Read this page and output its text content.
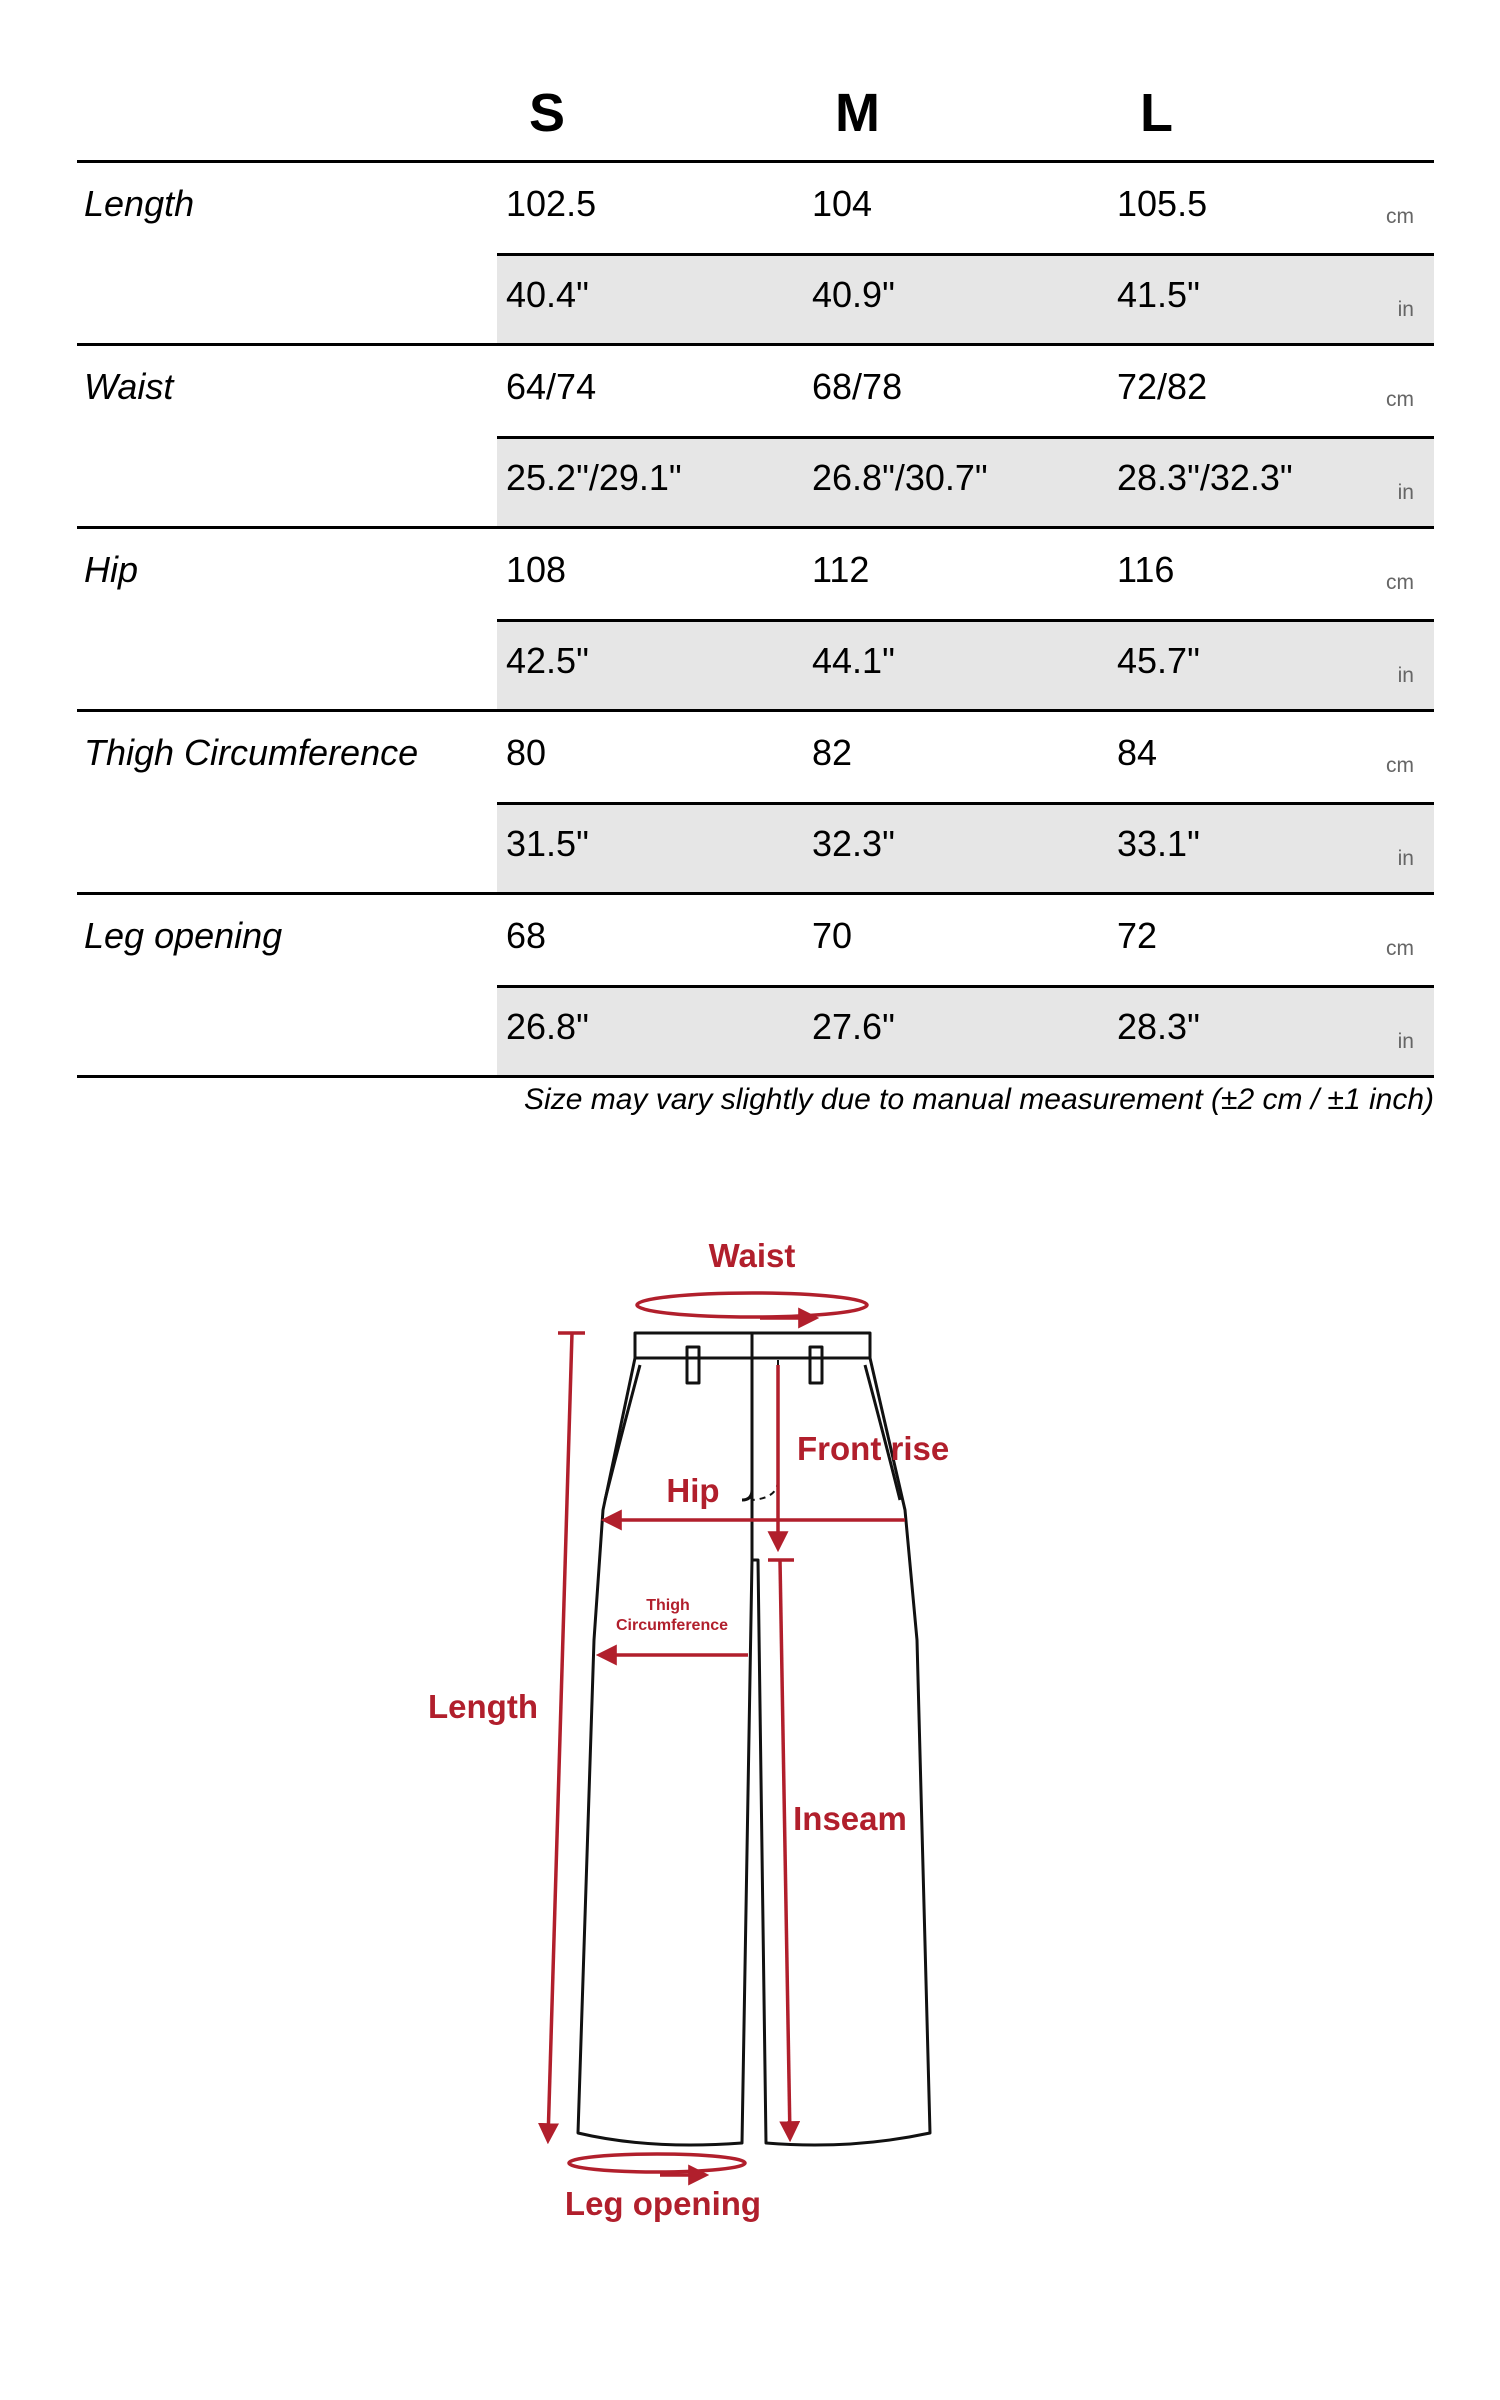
S	M	L
Length	102.5	104	105.5	cm
40.4"	40.9"	41.5"	in
Waist	64/74	68/78	72/82	cm
25.2"/29.1"	26.8"/30.7"	28.3"/32.3"	in
Hip	108	112	116	cm
42.5"	44.1"	45.7"	in
Thigh Circumference 80	82	84	cm
31.5"	32.3"	33.1"	in
Leg opening	68	70	72	cm
26.8"	27.6"	28.3"	in
Size may vary slightly due to manual measurement (±2 cm / ±1 inch)
Waist
Front rise
Hip
Thigh
Circumference
Length
Inseam
Leg opening
